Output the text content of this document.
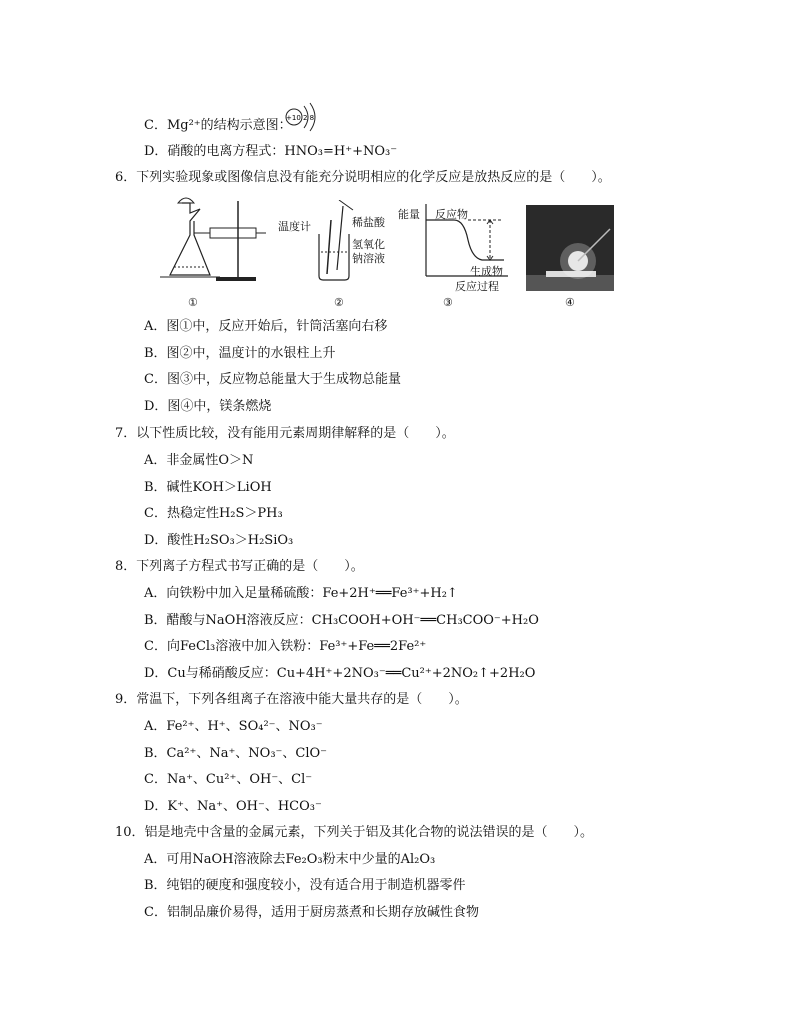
C．Mg²⁺的结构示意图：
+10 2 8
D．硝酸的电离方程式：HNO₃=H⁺+NO₃⁻
6．下列实验现象或图像信息没有能充分说明相应的化学反应是放热反应的是（　　）。
温度计	稀盐酸
氢氧化
钠溶液
能量 反应物
生成物
反应过程
①	②	③	④
A．图①中，反应开始后，针筒活塞向右移
B．图②中，温度计的水银柱上升
C．图③中，反应物总能量大于生成物总能量
D．图④中，镁条燃烧
7．以下性质比较，没有能用元素周期律解释的是（　　）。
A．非金属性O＞N
B．碱性KOH＞LiOH
C．热稳定性H₂S＞PH₃
D．酸性H₂SO₃＞H₂SiO₃
8．下列离子方程式书写正确的是（　　）。
A．向铁粉中加入足量稀硫酸：Fe+2H⁺══Fe³⁺+H₂↑
B．醋酸与NaOH溶液反应：CH₃COOH+OH⁻══CH₃COO⁻+H₂O
C．向FeCl₃溶液中加入铁粉：Fe³⁺+Fe══2Fe²⁺
D．Cu与稀硝酸反应：Cu+4H⁺+2NO₃⁻══Cu²⁺+2NO₂↑+2H₂O
9．常温下，下列各组离子在溶液中能大量共存的是（　　）。
A．Fe²⁺、H⁺、SO₄²⁻、NO₃⁻
B．Ca²⁺、Na⁺、NO₃⁻、ClO⁻
C．Na⁺、Cu²⁺、OH⁻、Cl⁻
D．K⁺、Na⁺、OH⁻、HCO₃⁻
10．铝是地壳中含量的金属元素，下列关于铝及其化合物的说法错误的是（　　）。
A．可用NaOH溶液除去Fe₂O₃粉末中少量的Al₂O₃
B．纯铝的硬度和强度较小，没有适合用于制造机器零件
C．铝制品廉价易得，适用于厨房蒸煮和长期存放碱性食物
